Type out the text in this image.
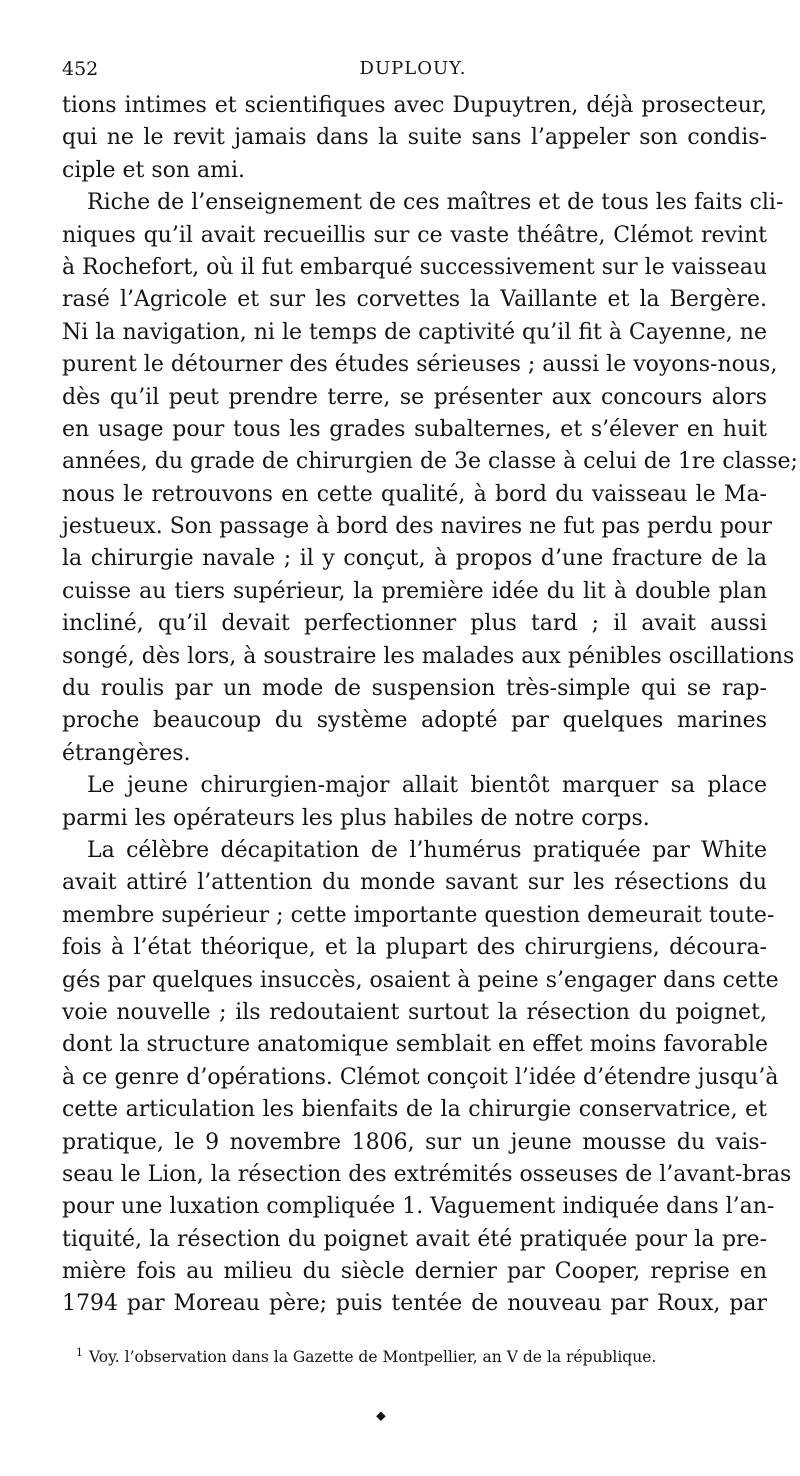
452	DUPLOUY.
tions intimes et scientifiques avec Dupuytren, déjà prosecteur,
qui ne le revit jamais dans la suite sans l’appeler son condis-
ciple et son ami.
Riche de l’enseignement de ces maîtres et de tous les faits cli-
niques qu’il avait recueillis sur ce vaste théâtre, Clémot revint
à Rochefort, où il fut embarqué successivement sur le vaisseau
rasé l’Agricole et sur les corvettes la Vaillante et la Bergère.
Ni la navigation, ni le temps de captivité qu’il fit à Cayenne, ne
purent le détourner des études sérieuses ; aussi le voyons-nous,
dès qu’il peut prendre terre, se présenter aux concours alors
en usage pour tous les grades subalternes, et s’élever en huit
années, du grade de chirurgien de 3e classe à celui de 1re classe;
nous le retrouvons en cette qualité, à bord du vaisseau le Ma-
jestueux. Son passage à bord des navires ne fut pas perdu pour
la chirurgie navale ; il y conçut, à propos d’une fracture de la
cuisse au tiers supérieur, la première idée du lit à double plan
incliné, qu’il devait perfectionner plus tard ; il avait aussi
songé, dès lors, à soustraire les malades aux pénibles oscillations
du roulis par un mode de suspension très-simple qui se rap-
proche beaucoup du système adopté par quelques marines
étrangères.
Le jeune chirurgien-major allait bientôt marquer sa place
parmi les opérateurs les plus habiles de notre corps.
La célèbre décapitation de l’humérus pratiquée par White
avait attiré l’attention du monde savant sur les résections du
membre supérieur ; cette importante question demeurait toute-
fois à l’état théorique, et la plupart des chirurgiens, découra-
gés par quelques insuccès, osaient à peine s’engager dans cette
voie nouvelle ; ils redoutaient surtout la résection du poignet,
dont la structure anatomique semblait en effet moins favorable
à ce genre d’opérations. Clémot conçoit l’idée d’étendre jusqu’à
cette articulation les bienfaits de la chirurgie conservatrice, et
pratique, le 9 novembre 1806, sur un jeune mousse du vais-
seau le Lion, la résection des extrémités osseuses de l’avant-bras
pour une luxation compliquée 1. Vaguement indiquée dans l’an-
tiquité, la résection du poignet avait été pratiquée pour la pre-
mière fois au milieu du siècle dernier par Cooper, reprise en
1794 par Moreau père; puis tentée de nouveau par Roux, par
$^1$ Voy. l’observation dans la Gazette de Montpellier, an V de la république.
⬥
